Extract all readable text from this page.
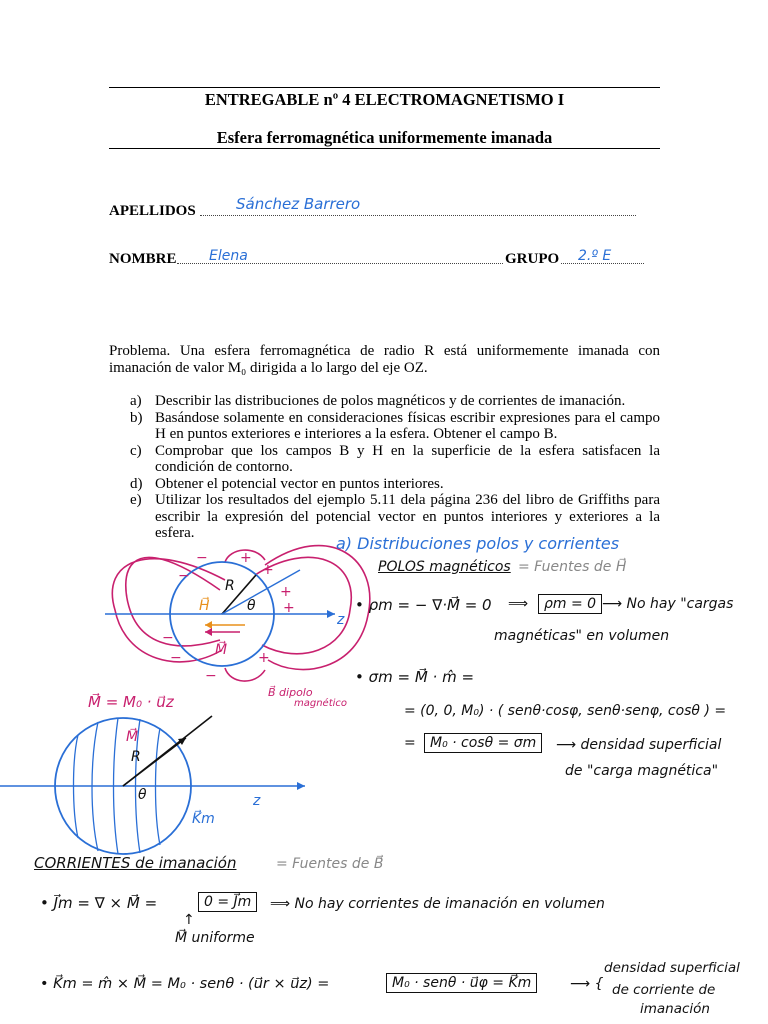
ENTREGABLE nº 4 ELECTROMAGNETISMO I
Esfera ferromagnética uniformemente imanada
APELLIDOS	Sánchez Barrero
NOMBRE Elena	GRUPO 2.º E
Problema. Una esfera ferromagnética de radio R está uniformemente imanada con imanación de valor M₀ dirigida a lo largo del eje OZ.
a) Describir las distribuciones de polos magnéticos y de corrientes de imanación.
b) Basándose solamente en consideraciones físicas escribir expresiones para el campo H en puntos exteriores e interiores a la esfera. Obtener el campo B.
c) Comprobar que los campos B y H en la superficie de la esfera satisfacen la condición de contorno.
d) Obtener el potencial vector en puntos interiores.
e) Utilizar los resultados del ejemplo 5.11 dela página 236 del libro de Griffiths para escribir la expresión del potencial vector en puntos interiores y exteriores a la esfera.
R
θ
H⃗
M⃗
z
B⃗ dipolo
magnético
+
+
+
+
+
−
−
−
−
−
a) Distribuciones polos y corrientes
POLOS magnéticos = Fuentes de H⃗
• ρm = − ∇·M⃗ = 0 ⟹	ρm = 0 ⟶ No hay "cargas
magnéticas" en volumen
• σm = M⃗ · m̂ =
= (0, 0, M₀) · ( senθ·cosφ, senθ·senφ, cosθ ) =
=	M₀ · cosθ = σm	⟶ densidad superficial
de "carga magnética"
M⃗ = M₀ · u⃗z
M⃗
R
θ	z
K⃗m
CORRIENTES de imanación	= Fuentes de B⃗
• J⃗m = ∇ × M⃗ =	0 = J⃗m	⟹ No hay corrientes de imanación en volumen
↑
M⃗ uniforme
• K⃗m = m̂ × M⃗ = M₀ · senθ · (u⃗r × u⃗z) =	M₀ · senθ · u⃗φ = K⃗m	⟶ {
densidad superficial
de corriente de
imanación
